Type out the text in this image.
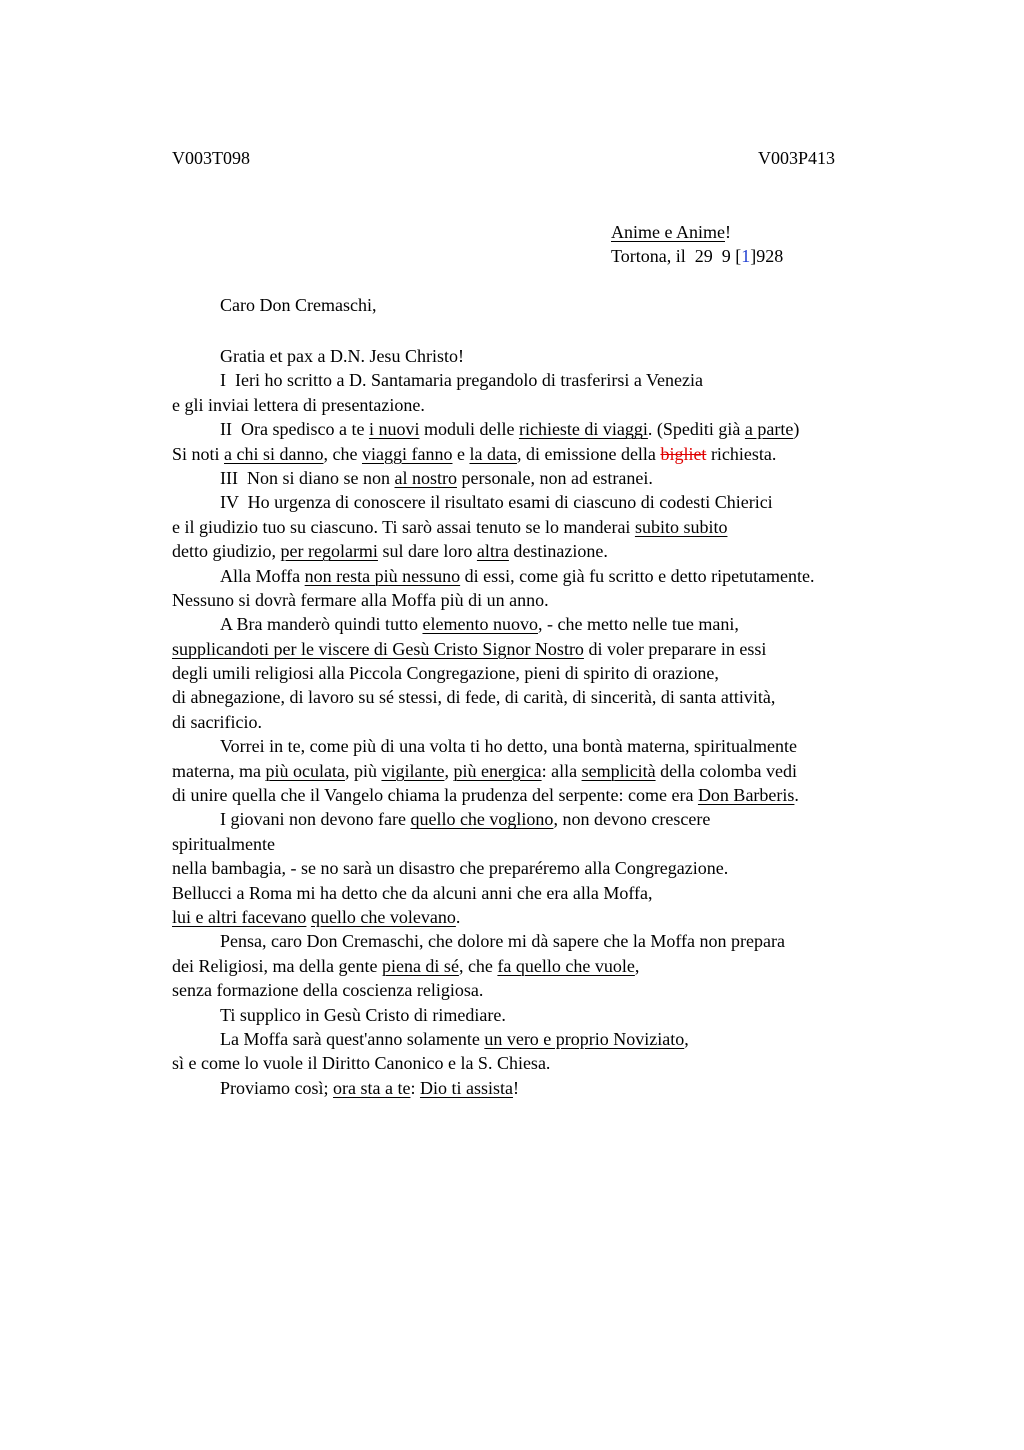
V003T098	V003P413
Anime e Anime!
Tortona, il  29  9 [1]928
Caro Don Cremaschi,
Gratia et pax a D.N. Jesu Christo!
I  Ieri ho scritto a D. Santamaria pregandolo di trasferirsi a Venezia
e gli inviai lettera di presentazione.
II  Ora spedisco a te i nuovi moduli delle richieste di viaggi. (Spediti già a parte)
Si noti a chi si danno, che viaggi fanno e la data, di emissione della bigliet richiesta.
III  Non si diano se non al nostro personale, non ad estranei.
IV  Ho urgenza di conoscere il risultato esami di ciascuno di codesti Chierici
e il giudizio tuo su ciascuno. Ti sarò assai tenuto se lo manderai subito subito
detto giudizio, per regolarmi sul dare loro altra destinazione.
Alla Moffa non resta più nessuno di essi, come già fu scritto e detto ripetutamente.
Nessuno si dovrà fermare alla Moffa più di un anno.
A Bra manderò quindi tutto elemento nuovo, - che metto nelle tue mani,
supplicandoti per le viscere di Gesù Cristo Signor Nostro di voler preparare in essi
degli umili religiosi alla Piccola Congregazione, pieni di spirito di orazione,
di abnegazione, di lavoro su sé stessi, di fede, di carità, di sincerità, di santa attività,
di sacrificio.
Vorrei in te, come più di una volta ti ho detto, una bontà materna, spiritualmente
materna, ma più oculata, più vigilante, più energica: alla semplicità della colomba vedi
di unire quella che il Vangelo chiama la prudenza del serpente: come era Don Barberis.
I giovani non devono fare quello che vogliono, non devono crescere
spiritualmente
nella bambagia, - se no sarà un disastro che preparéremo alla Congregazione.
Bellucci a Roma mi ha detto che da alcuni anni che era alla Moffa,
lui e altri facevano quello che volevano.
Pensa, caro Don Cremaschi, che dolore mi dà sapere che la Moffa non prepara
dei Religiosi, ma della gente piena di sé, che fa quello che vuole,
senza formazione della coscienza religiosa.
Ti supplico in Gesù Cristo di rimediare.
La Moffa sarà quest'anno solamente un vero e proprio Noviziato,
sì e come lo vuole il Diritto Canonico e la S. Chiesa.
Proviamo così; ora sta a te: Dio ti assista!
